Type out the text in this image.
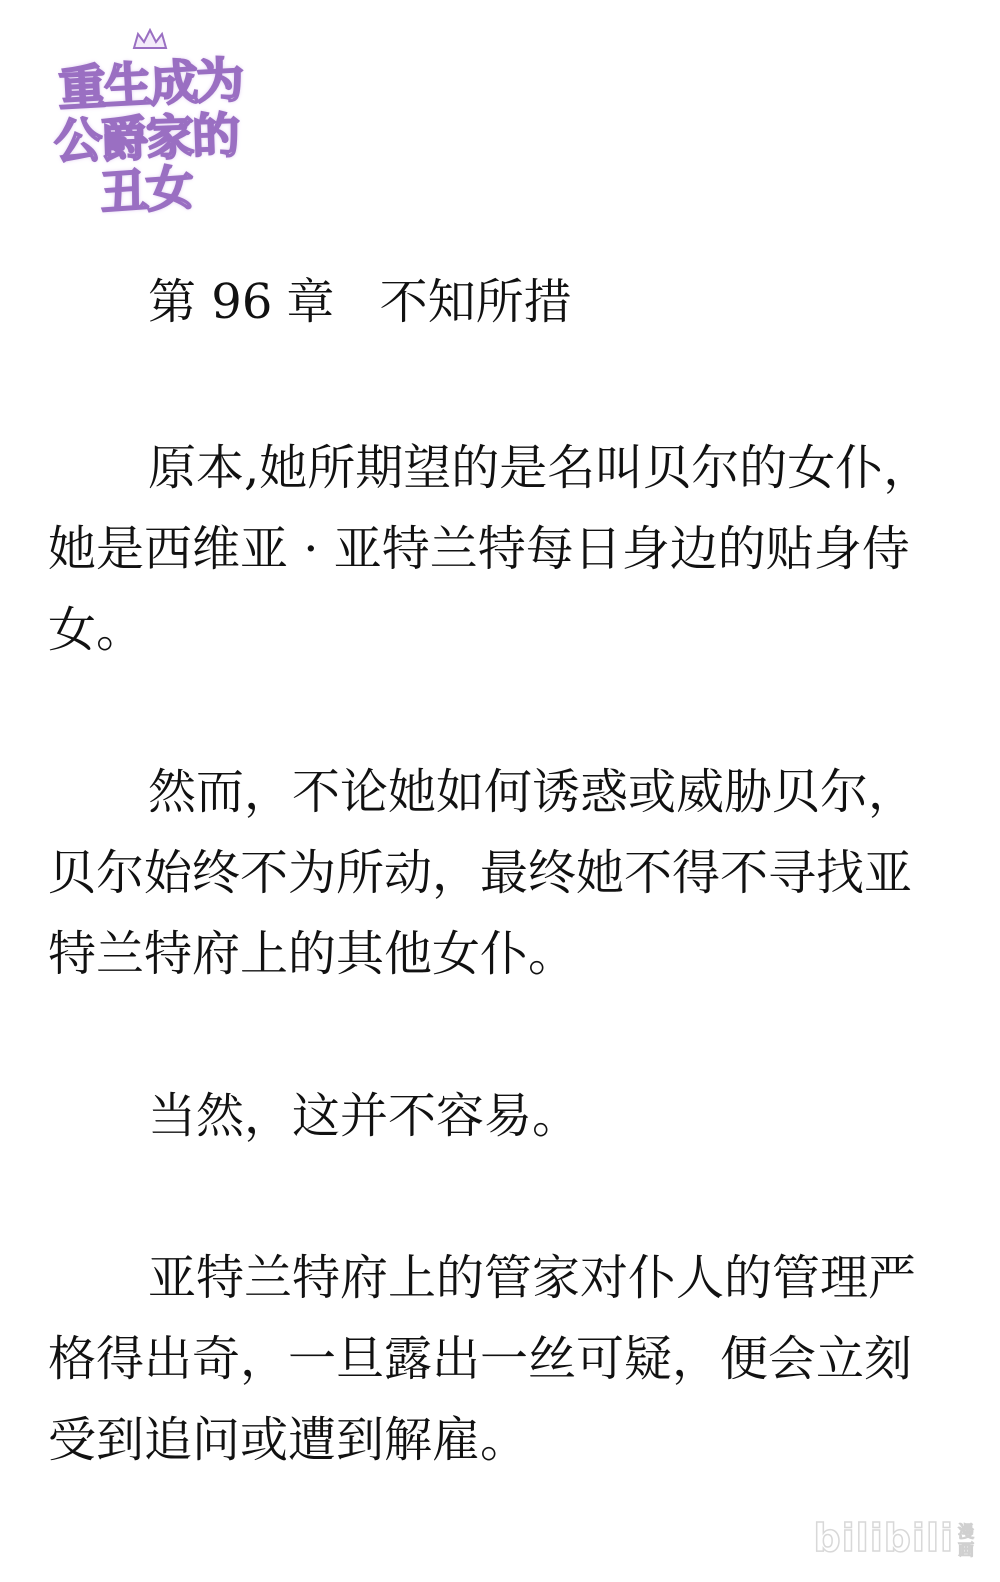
重生成为
公爵家的
丑女
第 96 章 不知所措

原本,她所期望的是名叫贝尔的女仆，她是西维亚 · 亚特兰特每日身边的贴身侍女。

然而，不论她如何诱惑或威胁贝尔，贝尔始终不为所动，最终她不得不寻找亚特兰特府上的其他女仆。

当然，这并不容易。

亚特兰特府上的管家对仆人的管理严格得出奇，一旦露出一丝可疑，便会立刻受到追问或遭到解雇。

bilibili 漫画
